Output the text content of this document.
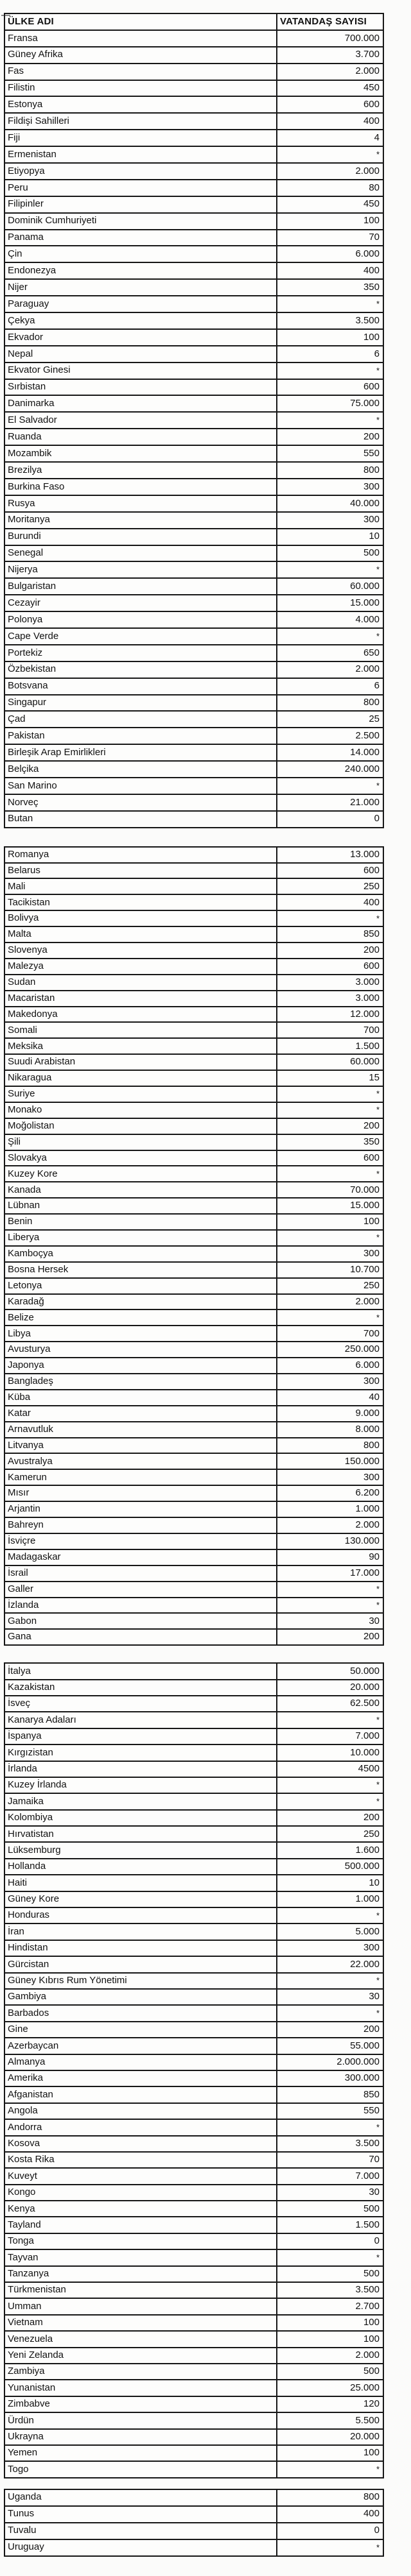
ÜLKE ADI	VATANDAŞ SAYISI
Fransa	700.000
Güney Afrika	3.700
Fas	2.000
Filistin	450
Estonya	600
Fildişi Sahilleri	400
Fiji	4
Ermenistan	*
Etiyopya	2.000
Peru	80
Filipinler	450
Dominik Cumhuriyeti	100
Panama	70
Çin	6.000
Endonezya	400
Nijer	350
Paraguay	*
Çekya	3.500
Ekvador	100
Nepal	6
Ekvator Ginesi	*
Sırbistan	600
Danimarka	75.000
El Salvador	*
Ruanda	200
Mozambik	550
Brezilya	800
Burkina Faso	300
Rusya	40.000
Moritanya	300
Burundi	10
Senegal	500
Nijerya	*
Bulgaristan	60.000
Cezayir	15.000
Polonya	4.000
Cape Verde	*
Portekiz	650
Özbekistan	2.000
Botsvana	6
Singapur	800
Çad	25
Pakistan	2.500
Birleşik Arap Emirlikleri	14.000
Belçika	240.000
San Marino	*
Norveç	21.000
Butan	0
Romanya	13.000
Belarus	600
Mali	250
Tacikistan	400
Bolivya	*
Malta	850
Slovenya	200
Malezya	600
Sudan	3.000
Macaristan	3.000
Makedonya	12.000
Somali	700
Meksika	1.500
Suudi Arabistan	60.000
Nikaragua	15
Suriye	*
Monako	*
Moğolistan	200
Şili	350
Slovakya	600
Kuzey Kore	*
Kanada	70.000
Lübnan	15.000
Benin	100
Liberya	*
Kamboçya	300
Bosna Hersek	10.700
Letonya	250
Karadağ	2.000
Belize	*
Libya	700
Avusturya	250.000
Japonya	6.000
Bangladeş	300
Küba	40
Katar	9.000
Arnavutluk	8.000
Litvanya	800
Avustralya	150.000
Kamerun	300
Mısır	6.200
Arjantin	1.000
Bahreyn	2.000
İsviçre	130.000
Madagaskar	90
İsrail	17.000
Galler	*
İzlanda	*
Gabon	30
Gana	200
İtalya	50.000
Kazakistan	20.000
İsveç	62.500
Kanarya Adaları	*
İspanya	7.000
Kırgızistan	10.000
İrlanda	4500
Kuzey İrlanda	*
Jamaika	*
Kolombiya	200
Hırvatistan	250
Lüksemburg	1.600
Hollanda	500.000
Haiti	10
Güney Kore	1.000
Honduras	*
İran	5.000
Hindistan	300
Gürcistan	22.000
Güney Kıbrıs Rum Yönetimi	*
Gambiya	30
Barbados	*
Gine	200
Azerbaycan	55.000
Almanya	2.000.000
Amerika	300.000
Afganistan	850
Angola	550
Andorra	*
Kosova	3.500
Kosta Rika	70
Kuveyt	7.000
Kongo	30
Kenya	500
Tayland	1.500
Tonga	0
Tayvan	*
Tanzanya	500
Türkmenistan	3.500
Umman	2.700
Vietnam	100
Venezuela	100
Yeni Zelanda	2.000
Zambiya	500
Yunanistan	25.000
Zimbabve	120
Ürdün	5.500
Ukrayna	20.000
Yemen	100
Togo	*
Uganda	800
Tunus	400
Tuvalu	0
Uruguay	*
